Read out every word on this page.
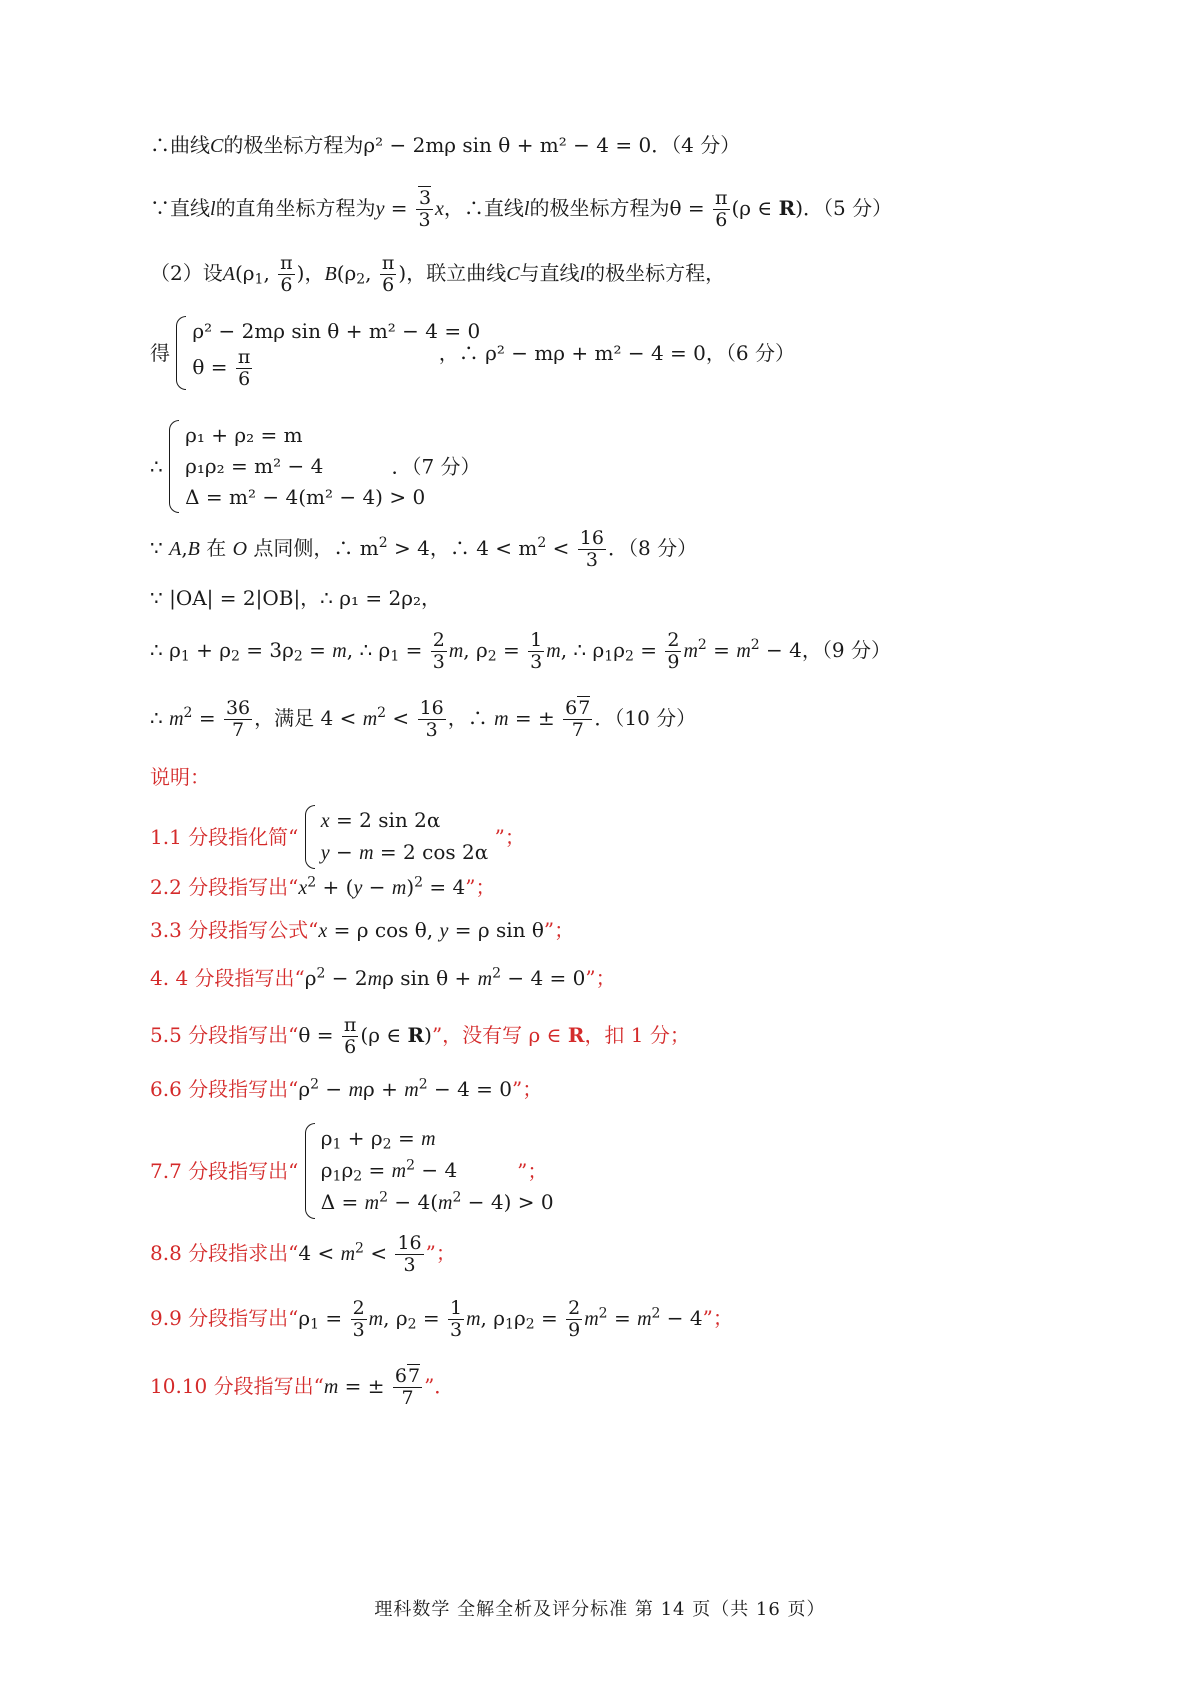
∴曲线C的极坐标方程为ρ² − 2mρ sin θ + m² − 4 = 0．（4 分）
∵直线l的直角坐标方程为$y = \frac{3}{3}$ x，∴直线l的极坐标方程为$\theta = \frac{\pi}{6} (\rho$ ∈ R)．（5 分）
（2）设$A(\rho_1$, $\frac{\pi}{6}$ )，$B(\rho_2$, $\frac{\pi}{6}$ )，联立曲线C与直线l的极坐标方程，
得
ρ² − 2mρ sin θ + m² − 4 = 0
$\theta = \frac{\pi}{6}$	，∴ ρ² − mρ + m² − 4 = 0，（6 分）
∴
ρ₁ + ρ₂ = m
ρ₁ρ₂ = m² − 4
Δ = m² − 4(m² − 4) > 0
．（7 分）
∵ A,B 在 O 点同侧，∴ $m^2 > 4$，∴ $4 < m^2 < \frac{16}{3}$ ．（8 分）
∵ |OA| = 2|OB|，∴ ρ₁ = 2ρ₂，
∴ $\rho_1 + \rho_2 = 3\rho_2 = m$, ∴ $\rho_1 = \frac{2}{3} m$, $\rho_2 = \frac{1}{3} m$, ∴ $\rho_1\rho_2 = \frac{2}{9} m^2 = m^2 - 4$，（9 分）
∴ $m^2 = \frac{36}{7}$ ，满足 $4 < m^2 < \frac{16}{3}$ ，∴ m = ± $\frac{67}{7}$ ．（10 分）
说明：
1.1 分段指化简“
x = 2 sin 2α
y − m = 2 cos 2α
”；
2.2 分段指写出“$x^2 + (y - m)^2 = 4$”；
3.3 分段指写公式“x = ρ cos θ, y = ρ sin θ”；
4. 4 分段指写出“$\rho^2 - 2m\rho$ $\sin \theta + m^2 - 4 = 0$”；
5.5 分段指写出“$\theta = \frac{\pi}{6} (\rho$ ∈ R)”，没有写 ρ ∈ R，扣 1 分；
6.6 分段指写出“$\rho^2 - m\rho + m^2 - 4 = 0$”；
7.7 分段指写出“
$\rho_1 + \rho_2 = m$
$\rho_1\rho_2 = m^2 - 4$
$\Delta = m^2 - 4(m^2 - 4) > 0$
”；
8.8 分段指求出“$4 < m^2 < \frac{16}{3}$ ”；
9.9 分段指写出“$\rho_1 = \frac{2}{3} m$, $\rho_2 = \frac{1}{3} m$, $\rho_1\rho_2 = \frac{2}{9} m^2 = m^2 - 4$”；
10.10 分段指写出“m = ± $\frac{67}{7}$ ”．
理科数学 全解全析及评分标准 第 14 页（共 16 页）
